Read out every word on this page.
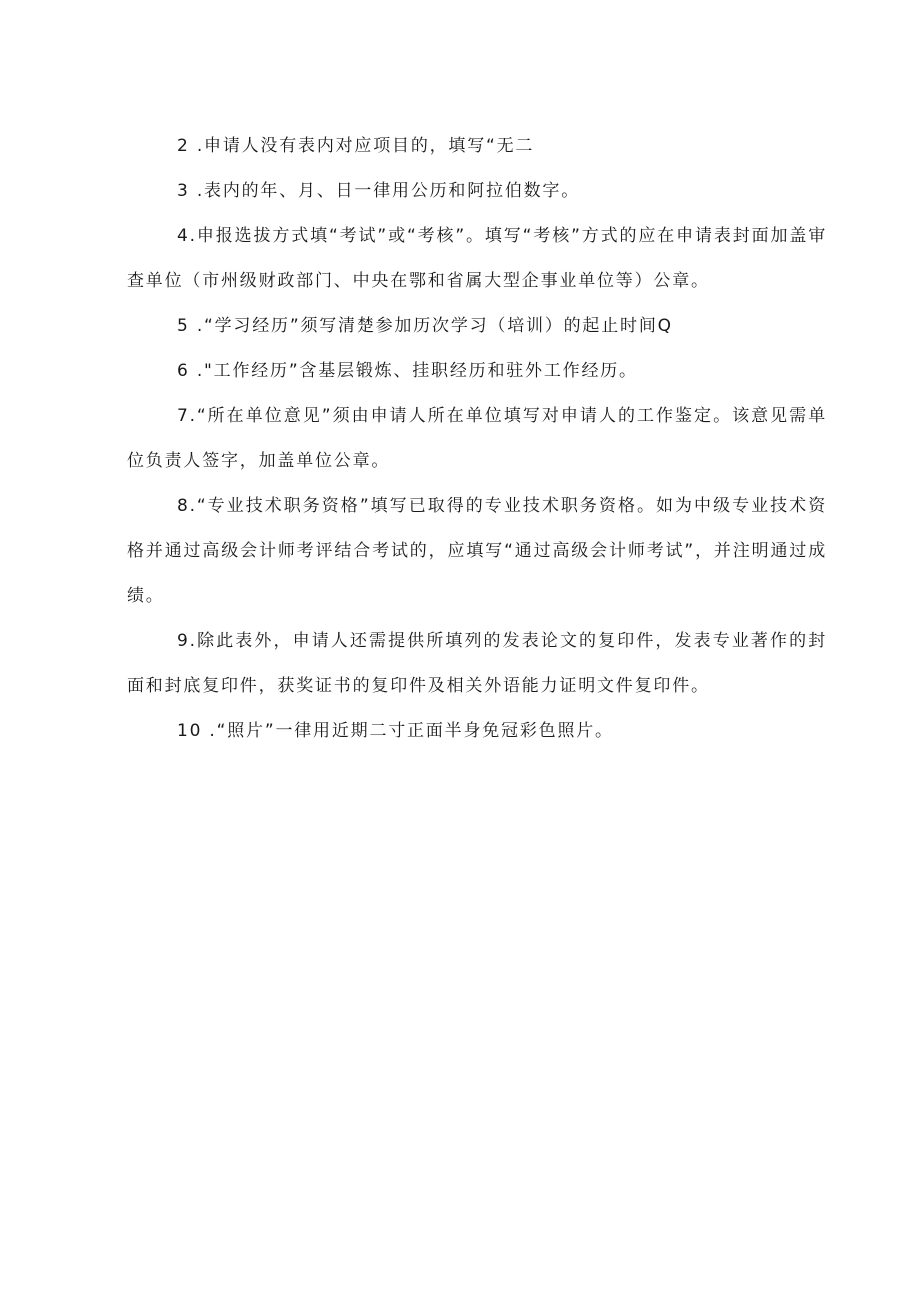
2 .申请人没有表内对应项目的，填写“无二

3 .表内的年、月、日一律用公历和阿拉伯数字。

4.申报选拔方式填“考试”或“考核”。填写“考核”方式的应在申请表封面加盖审查单位（市州级财政部门、中央在鄂和省属大型企事业单位等）公章。

5 .“学习经历”须写清楚参加历次学习（培训）的起止时间Q

6 ."工作经历”含基层锻炼、挂职经历和驻外工作经历。

7.“所在单位意见”须由申请人所在单位填写对申请人的工作鉴定。该意见需单位负责人签字，加盖单位公章。

8.“专业技术职务资格”填写已取得的专业技术职务资格。如为中级专业技术资格并通过高级会计师考评结合考试的，应填写“通过高级会计师考试”，并注明通过成绩。

9.除此表外，申请人还需提供所填列的发表论文的复印件，发表专业著作的封面和封底复印件，获奖证书的复印件及相关外语能力证明文件复印件。

10 .“照片”一律用近期二寸正面半身免冠彩色照片。
